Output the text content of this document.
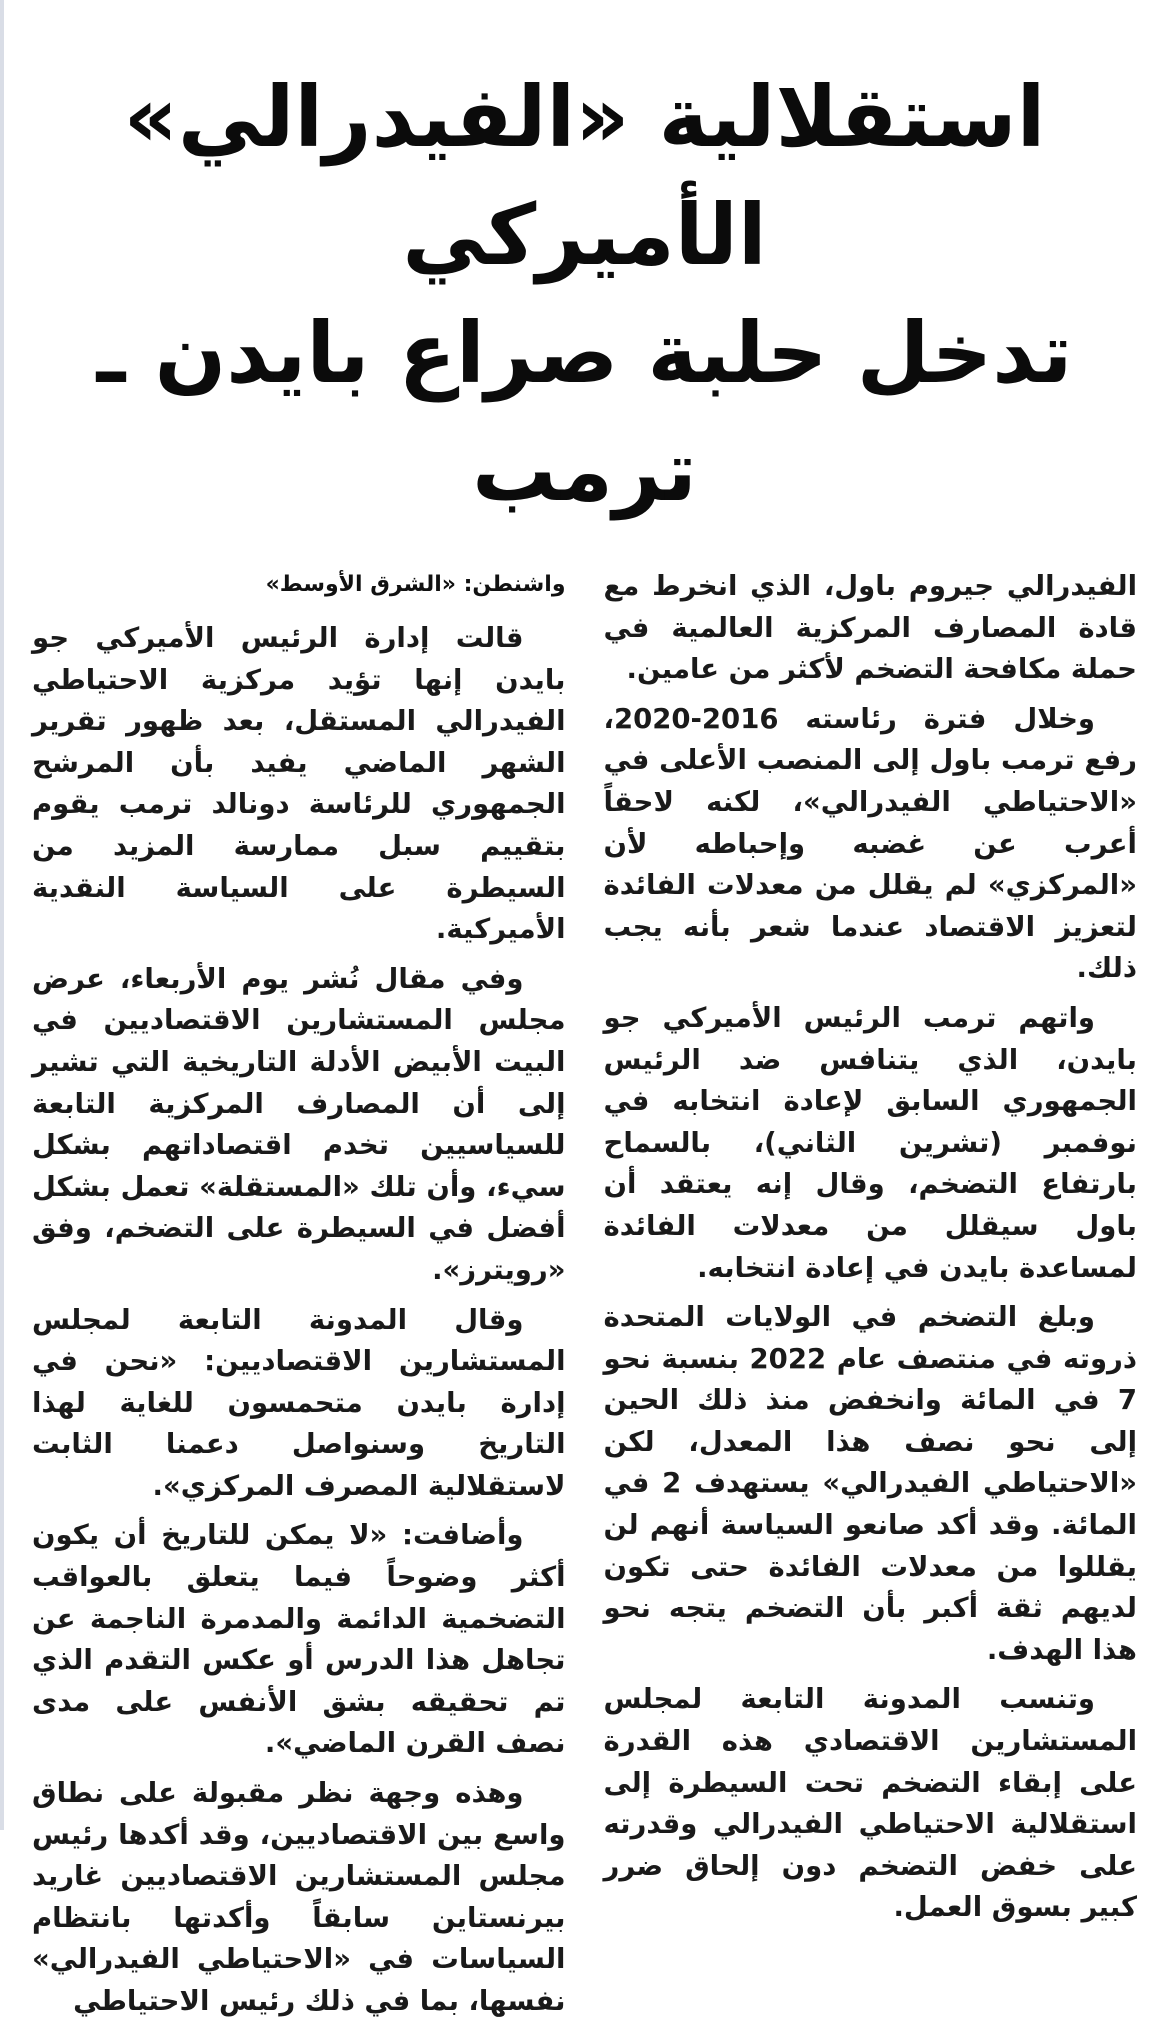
استقلالية «الفيدرالي» الأميركي
تدخل حلبة صراع بايدن ـ ترمب
واشنطن: «الشرق الأوسط»

قالت إدارة الرئيس الأميركي جو بايدن إنها تؤيد مركزية الاحتياطي الفيدرالي المستقل، بعد ظهور تقرير الشهر الماضي يفيد بأن المرشح الجمهوري للرئاسة دونالد ترمب يقوم بتقييم سبل ممارسة المزيد من السيطرة على السياسة النقدية الأميركية.

وفي مقال نُشر يوم الأربعاء، عرض مجلس المستشارين الاقتصاديين في البيت الأبيض الأدلة التاريخية التي تشير إلى أن المصارف المركزية التابعة للسياسيين تخدم اقتصاداتهم بشكل سيء، وأن تلك «المستقلة» تعمل بشكل أفضل في السيطرة على التضخم، وفق «رويترز».

وقال المدونة التابعة لمجلس المستشارين الاقتصاديين: «نحن في إدارة بايدن متحمسون للغاية لهذا التاريخ وسنواصل دعمنا الثابت لاستقلالية المصرف المركزي».

وأضافت: «لا يمكن للتاريخ أن يكون أكثر وضوحاً فيما يتعلق بالعواقب التضخمية الدائمة والمدمرة الناجمة عن تجاهل هذا الدرس أو عكس التقدم الذي تم تحقيقه بشق الأنفس على مدى نصف القرن الماضي».

وهذه وجهة نظر مقبولة على نطاق واسع بين الاقتصاديين، وقد أكدها رئيس مجلس المستشارين الاقتصاديين غاريد بيرنستاين سابقاً وأكدتها بانتظام السياسات في «الاحتياطي الفيدرالي» نفسها، بما في ذلك رئيس الاحتياطي

الفيدرالي جيروم باول، الذي انخرط مع قادة المصارف المركزية العالمية في حملة مكافحة التضخم لأكثر من عامين.

وخلال فترة رئاسته 2016-2020، رفع ترمب باول إلى المنصب الأعلى في «الاحتياطي الفيدرالي»، لكنه لاحقاً أعرب عن غضبه وإحباطه لأن «المركزي» لم يقلل من معدلات الفائدة لتعزيز الاقتصاد عندما شعر بأنه يجب ذلك.

واتهم ترمب الرئيس الأميركي جو بايدن، الذي يتنافس ضد الرئيس الجمهوري السابق لإعادة انتخابه في نوفمبر (تشرين الثاني)، بالسماح بارتفاع التضخم، وقال إنه يعتقد أن باول سيقلل من معدلات الفائدة لمساعدة بايدن في إعادة انتخابه.

وبلغ التضخم في الولايات المتحدة ذروته في منتصف عام 2022 بنسبة نحو 7 في المائة وانخفض منذ ذلك الحين إلى نحو نصف هذا المعدل، لكن «الاحتياطي الفيدرالي» يستهدف 2 في المائة. وقد أكد صانعو السياسة أنهم لن يقللوا من معدلات الفائدة حتى تكون لديهم ثقة أكبر بأن التضخم يتجه نحو هذا الهدف.

وتنسب المدونة التابعة لمجلس المستشارين الاقتصادي هذه القدرة على إبقاء التضخم تحت السيطرة إلى استقلالية الاحتياطي الفيدرالي وقدرته على خفض التضخم دون إلحاق ضرر كبير بسوق العمل.
